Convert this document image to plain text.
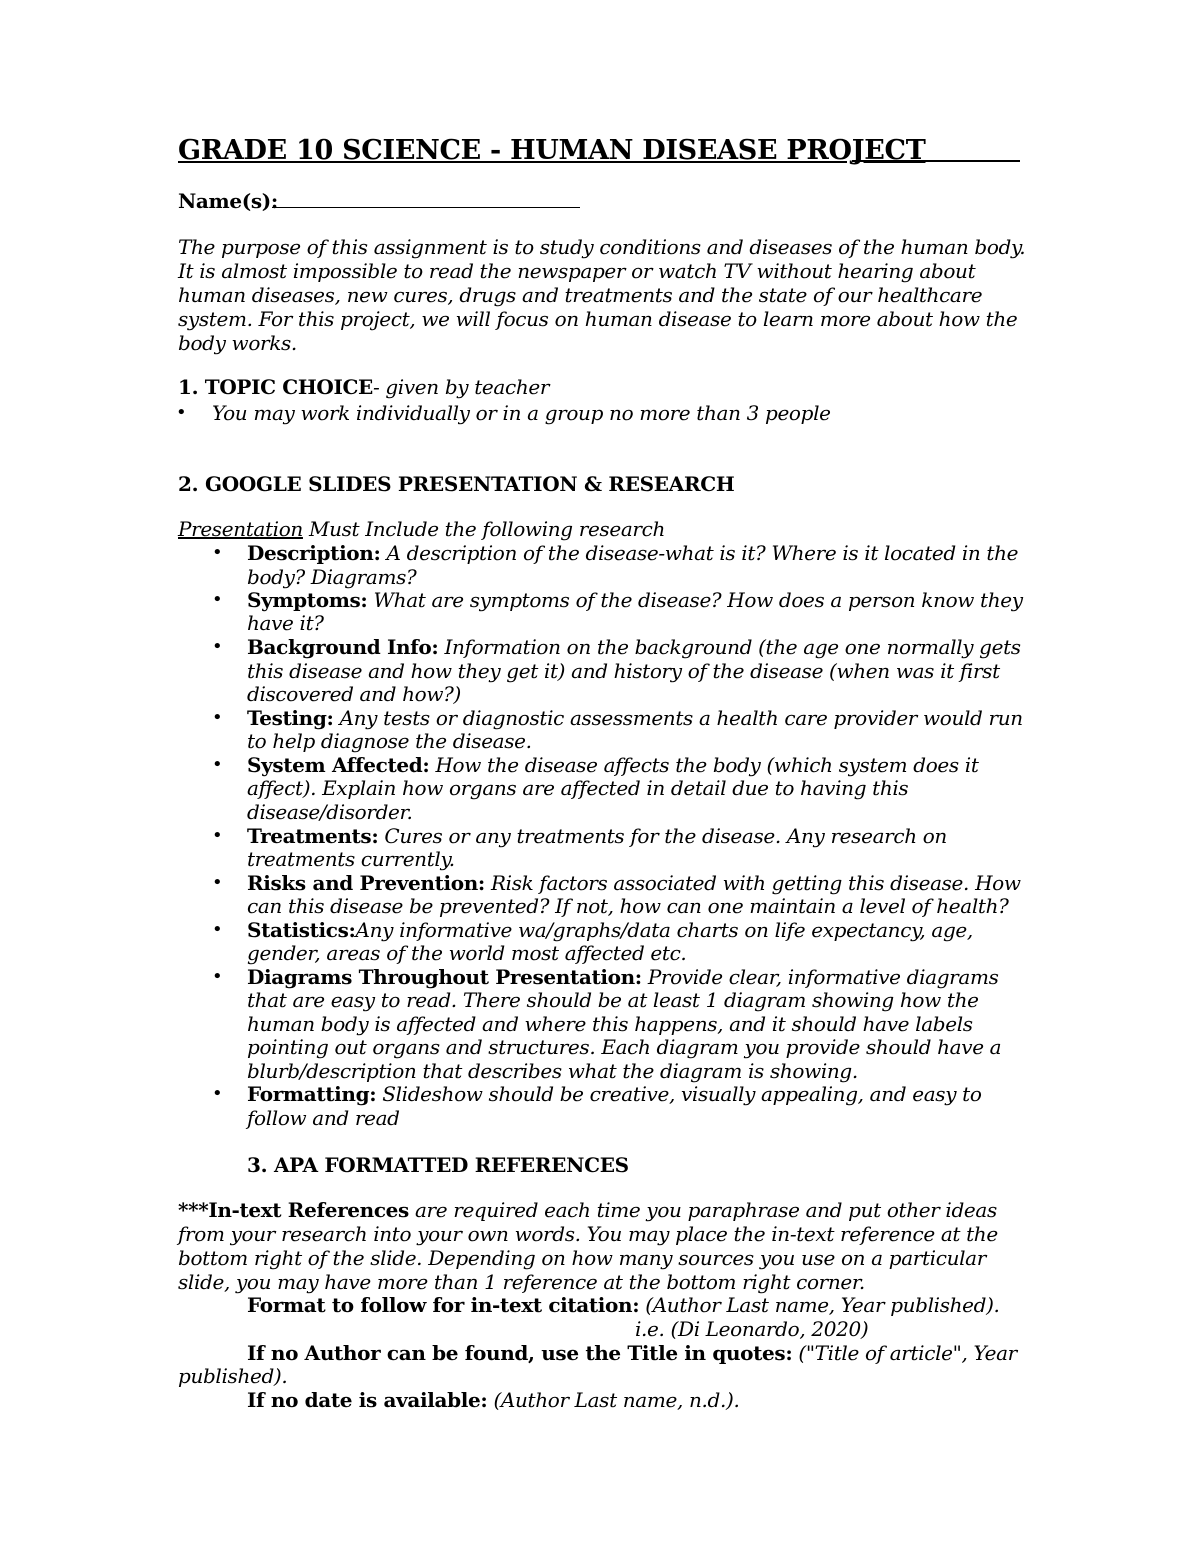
GRADE 10 SCIENCE - HUMAN DISEASE PROJECT
Name(s):
The purpose of this assignment is to study conditions and diseases of the human body.
It is almost impossible to read the newspaper or watch TV without hearing about
human diseases, new cures, drugs and treatments and the state of our healthcare
system. For this project, we will focus on human disease to learn more about how the
body works.
1. TOPIC CHOICE- given by teacher
• You may work individually or in a group no more than 3 people
2. GOOGLE SLIDES PRESENTATION & RESEARCH
Presentation Must Include the following research
• Description: A description of the disease-what is it? Where is it located in the
body? Diagrams?
• Symptoms: What are symptoms of the disease? How does a person know they
have it?
• Background Info: Information on the background (the age one normally gets
this disease and how they get it) and history of the disease (when was it first
discovered and how?)
• Testing: Any tests or diagnostic assessments a health care provider would run
to help diagnose the disease.
• System Affected: How the disease affects the body (which system does it
affect). Explain how organs are affected in detail due to having this
disease/disorder.
• Treatments: Cures or any treatments for the disease. Any research on
treatments currently.
• Risks and Prevention: Risk factors associated with getting this disease. How
can this disease be prevented? If not, how can one maintain a level of health?
• Statistics:Any informative wa/graphs/data charts on life expectancy, age,
gender, areas of the world most affected etc.
• Diagrams Throughout Presentation: Provide clear, informative diagrams
that are easy to read. There should be at least 1 diagram showing how the
human body is affected and where this happens, and it should have labels
pointing out organs and structures. Each diagram you provide should have a
blurb/description that describes what the diagram is showing.
• Formatting: Slideshow should be creative, visually appealing, and easy to
follow and read
3. APA FORMATTED REFERENCES
***In-text References are required each time you paraphrase and put other ideas
from your research into your own words. You may place the in-text reference at the
bottom right of the slide. Depending on how many sources you use on a particular
slide, you may have more than 1 reference at the bottom right corner.
Format to follow for in-text citation: (Author Last name, Year published).
i.e. (Di Leonardo, 2020)
If no Author can be found, use the Title in quotes: ("Title of article", Year
published).
If no date is available: (Author Last name, n.d.).
